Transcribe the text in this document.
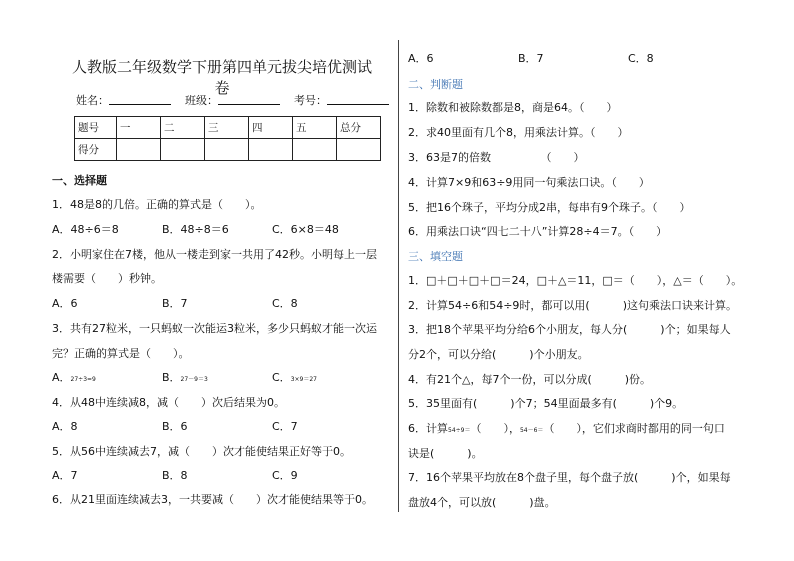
人教版二年级数学下册第四单元拔尖培优测试卷
姓名：	班级：	考号：
题号	一	二	三	四	五	总分
得分						
一、选择题
1．48是8的几倍。正确的算式是（　　）。
A．48÷6＝8	B．48÷8＝6	C．6×8＝48
2．小明家住在7楼，他从一楼走到家一共用了42秒。小明每上一层
楼需要（　　）秒钟。
A．6	B．7	C．8
3．共有27粒米，一只蚂蚁一次能运3粒米，多少只蚂蚁才能一次运
完？正确的算式是（　　）。
A．27÷3=9	B．27－9＝3	C．3×9＝27
4．从48中连续减8，减（　　）次后结果为0。
A．8	B．6	C．7
5．从56中连续减去7，减（　　）次才能使结果正好等于0。
A．7	B．8	C．9
6．从21里面连续减去3，一共要减（　　）次才能使结果等于0。
A．6	B．7	C．8
二、判断题
1．除数和被除数都是8，商是64。（　　）
2．求40里面有几个8，用乘法计算。（　　）
3．63是7的倍数　　　　　（　　）
4．计算7×9和63÷9用同一句乘法口诀。（　　）
5．把16个珠子，平均分成2串，每串有9个珠子。（　　）
6．用乘法口诀“四七二十八”计算28÷4＝7。（　　）
三、填空题
1．□＋□＋□＋□＝24，□＋△＝11，□＝（　　），△＝（　　）。
2．计算54÷6和54÷9时，都可以用(　　　)这句乘法口诀来计算。
3．把18个苹果平均分给6个小朋友，每人分(　　　)个；如果每人
分2个，可以分给(　　　)个小朋友。
4．有21个△，每7个一份，可以分成(　　　)份。
5．35里面有(　　　)个7；54里面最多有(　　　)个9。
6．计算54÷9＝（　　），54－6＝（　　），它们求商时都用的同一句口
诀是(　　　)。
7．16个苹果平均放在8个盘子里，每个盘子放(　　　)个，如果每
盘放4个，可以放(　　　)盘。
